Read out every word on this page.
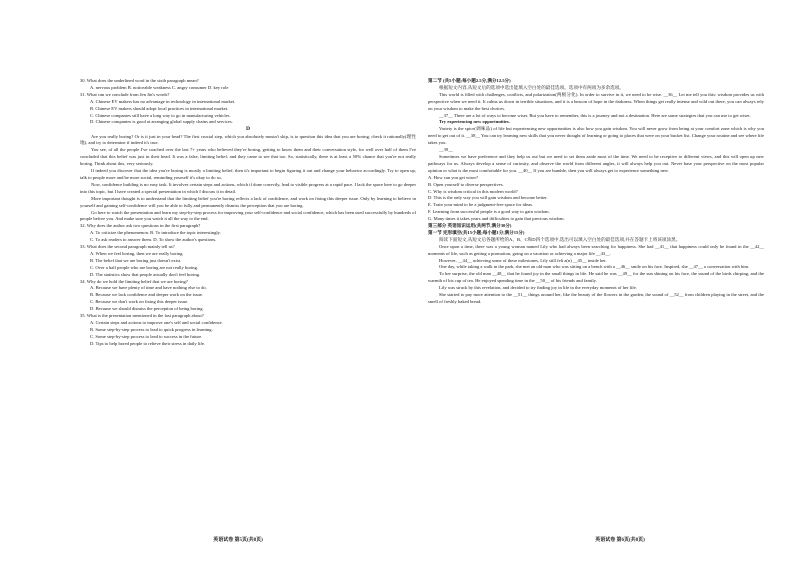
30. What does the underlined word in the sixth paragraph mean?

A. nervous problem B. noticeable weakness C. angry consumer D. key role

31. What can we conclude from Jen Jin's words?

A. Chinese EV makers has no advantage in technology in international market.

B. Chinese EV makers should adopt local practices in international market.

C. Chinese companies still have a long way to go in manufacturing vehicles.

D. Chinese companies is good at arranging global supply chains and services.

D

Are you really boring? Or is it just in your head? The first crucial step, which you absolutely mustn't skip, is to question this idea that you are boring, check it rationally(理性地), and try to determine if indeed it's true.

You see, of all the people I've coached over the last 7+ years who believed they're boring, getting to know them and their conversation style, for well over half of them I've concluded that this belief was just in their head. It was a false, limiting belief; and they came to see that too. So, statistically, there is at least a 50% chance that you're not really boring. Think about this, very seriously.

If indeed you discover that the idea you're boring is mostly a limiting belief, then it's important to begin figuring it out and change your behavior accordingly. Try to open up, talk to people more and be more social, reminding yourself it's okay to do so.

Now, confidence building is no easy task. It involves certain steps and actions, which if done correctly, lead to visible progress at a rapid pace. I lack the space here to go deeper into this topic, but I have created a special presentation in which I discuss it in detail.

More important thought is to understand that the limiting belief you're boring reflects a lack of confidence, and work on fixing this deeper issue. Only by learning to believe in yourself and gaining self-confidence will you be able to fully and permanently dismiss the perception that you are boring.

Go here to watch the presentation and learn my step-by-step process for improving your self-confidence and social confidence, which has been used successfully by hundreds of people before you. And make sure you watch it all the way to the end.

32. Why does the author ask two questions in the first paragraph?

A. To criticize the phenomenon. B. To introduce the topic interestingly.

C. To ask readers to answer them. D. To show the author's questions.

33. What does the second paragraph mainly tell us?

A. When we feel boring, then we are really boring.

B. The belief that we are boring just doesn't exist.

C. Over a half people who are boring are not really boring.

D. The statistics show that people actually don't feel boring.

34. Why do we hold the limiting belief that we are boring?

A. Because we have plenty of time and have nothing else to do.

B. Because we lack confidence and deeper work on the issue.

C. Because we don't work on fixing this deeper issue.

D. Because we should dismiss the perception of being boring.

35. What is the presentation mentioned in the last paragraph about?

A. Certain steps and actions to improve one's self and social confidence.

B. Some step-by-step process to lead to quick progress in learning.

C. Some step-by-step process to lead to success in the future.

D. Tips to help bored people to relieve their stress in daily life.

第二节 (共5小题;每小题2.5分,满分12.5分)

根据短文内容,从短文后的选项中选出能填入空白处的最佳选项。选项中有两项为多余选项。

This world is filled with challenges, conflicts, and polarization(两极分化). In order to survive in it, we need to be wise. __36__ Let me tell you this: wisdom provides us with perspective when we need it. It calms us down in terrible situations, and it is a beacon of hope in the darkness. When things get really intense and wild out there, you can always rely on your wisdom to make the best choices.

__37__ There are a lot of ways to become wiser. But you have to remember, this is a journey and not a destination. Here are some strategies that you can use to get wiser.

Try experiencing new opportunities.

Variety is the spice(调味品) of life but experiencing new opportunities is also how you gain wisdom. You will never grow from being at your comfort zone which is why you need to get out of it. __38__ You can try learning new skills that you never thought of learning or going to places that were on your bucket list. Change your routine and see where life takes you.

__39__

Sometimes we have preference and they help us out but we need to set them aside most of the time. We need to be receptive to different views, and this will open up new pathways for us. Always develop a sense of curiosity, and observe the world from different angles, it will always help you out. Never base your perspective on the most popular opinion or what is the most comfortable for you. __40__ If you are humble, then you will always get to experience something new.

A. How can you get wiser?

B. Open yourself to diverse perspectives.

C. Why is wisdom critical in this modern world?

D. This is the only way you will gain wisdom and become better.

E. Train your mind to be a judgment-free space for ideas.

F. Learning from successful people is a good way to gain wisdom.

G. Many times it takes years and difficulties to gain that precious wisdom.

第三部分 英语知识运用(共两节,满分30分)

第一节 完形填空(共15小题;每小题1分,满分15分)

阅读下面短文,从短文后各题所给的A、B、C和D四个选项中,选出可以填入空白处的最佳选项,并在答题卡上将该项涂黑。

Once upon a time, there was a young woman named Lily who had always been searching for happiness. She had __41__ that happiness could only be found in the __42__ moments of life, such as getting a promotion, going on a vacation or achieving a major life __43__.

However, __44__ achieving some of these milestones, Lily still felt a(n) __45__ inside her.

One day, while taking a walk in the park, she met an old man who was sitting on a bench with a __46__ smile on his face. Inspired, she __47__ a conversation with him.

To her surprise, the old man __48__ that he found joy in the small things in life. He said he was __49__ for the sun shining on his face, the sound of the birds chirping, and the warmth of his cup of tea. He enjoyed spending time in the __50__ of his friends and family.

Lily was struck by this revelation, and decided to try finding joy in life in the everyday moments of her life.

She started to pay more attention to the __51__ things around her, like the beauty of the flowers in the garden, the sound of __52__ from children playing in the street, and the smell of freshly baked bread.

英语试卷 第5页(共8页)	英语试卷 第6页(共8页)
